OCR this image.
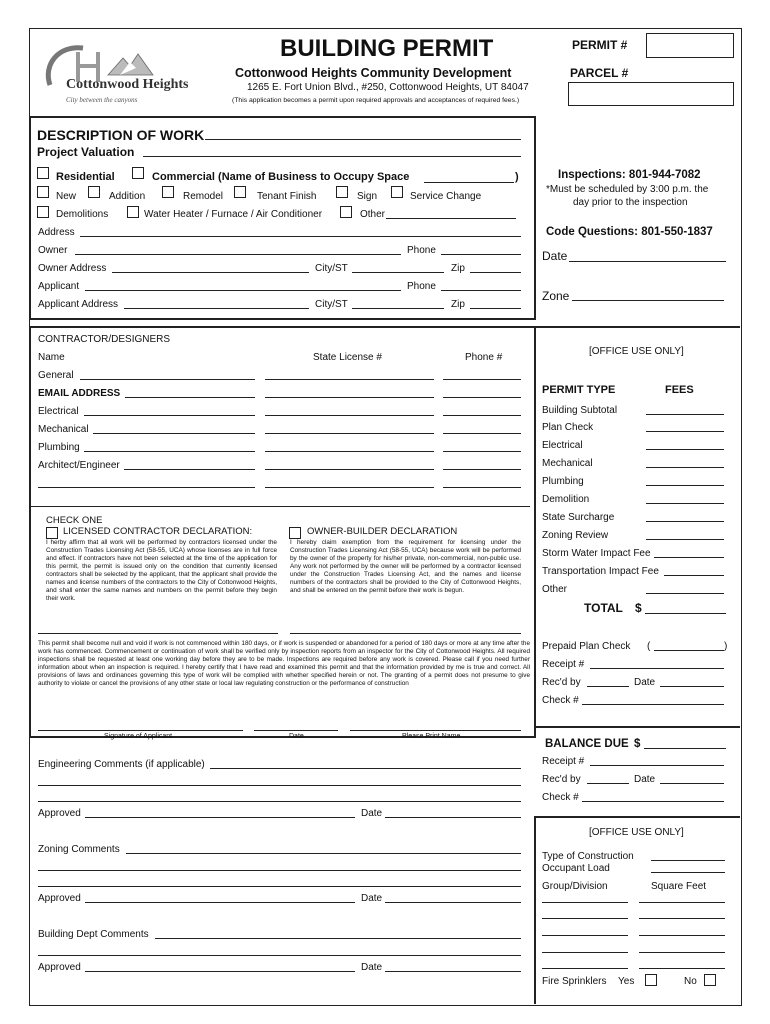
Cottonwood Heights
City between the canyons
BUILDING PERMIT
Cottonwood Heights Community Development
1265 E. Fort Union Blvd., #250, Cottonwood Heights, UT 84047
(This application becomes a permit upon required approvals and acceptances of required fees.)
PERMIT #
PARCEL #
DESCRIPTION OF WORK
Project Valuation
Residential	Commercial (Name of Business to Occupy Space	)
New	Addition	Remodel	Tenant Finish	Sign	Service Change
Demolitions	Water Heater / Furnace / Air Conditioner	Other
Address
Owner	Phone
Owner Address	City/ST	Zip
Applicant	Phone
Applicant Address	City/ST	Zip
CONTRACTOR/DESIGNERS
Name	State License #	Phone #
General
EMAIL ADDRESS
Electrical
Mechanical
Plumbing
Architect/Engineer
CHECK ONE
LICENSED CONTRACTOR DECLARATION:
I herby affirm that all work will be performed by contractors licensed under the Construction Trades Licensing Act (58-55, UCA) whose licenses are in full force and effect. If contractors have not been selected at the time of the application for this permit, the permit is issued only on the condition that currently licensed contractors shall be selected by the applicant, that the applicant shall provide the names and license numbers of the contractors to the City of Cottonwood Heights, and shall enter the same names and numbers on the permit before they begin their work.
OWNER-BUILDER DECLARATION
I hereby claim exemption from the requirement for licensing under the Construction Trades Licensing Act (58-55, UCA) because work will be performed by the owner of the property for his/her private, non-commercial, non-public use. Any work not performed by the owner will be performed by a contractor licensed under the Construction Trades Licensing Act, and the names and license numbers of the contractors shall be provided to the City of Cottonwood Heights, and shall be entered on the permit before their work is begun.
This permit shall become null and void if work is not commenced within 180 days, or if work is suspended or abandoned for a period of 180 days or more at any time after the work has commenced. Commencement or continuation of work shall be verified only by inspection reports from an inspector for the City of Cottonwood Heights. All required inspections shall be requested at least one working day before they are to be made. Inspections are required before any work is covered. Please call if you need further information about when an inspection is required. I hereby certify that I have read and examined this permit and that the information provided by me is true and correct. All provisions of laws and ordinances governing this type of work will be complied with whether specified herein or not. The granting of a permit does not presume to give authority to violate or cancel the provisions of any other state or local law regulating construction or the performance of construction
Signature of Applicant	Date	Please Print Name
Engineering Comments (if applicable)
Approved	Date
Zoning Comments
Approved	Date
Building Dept Comments
Approved	Date
Inspections: 801-944-7082
*Must be scheduled by 3:00 p.m. the
day prior to the inspection
Code Questions: 801-550-1837
Date
Zone
[OFFICE USE ONLY]
PERMIT TYPE	FEES
Building Subtotal
Plan Check
Electrical
Mechanical
Plumbing
Demolition
State Surcharge
Zoning Review
Storm Water Impact Fee
Transportation Impact Fee
Other
TOTAL $
Prepaid Plan Check (	)
Receipt #
Rec'd by	Date
Check #
BALANCE DUE $
Receipt #
Rec'd by	Date
Check #
[OFFICE USE ONLY]
Type of Construction
Occupant Load
Group/Division	Square Feet
Fire Sprinklers Yes	No
